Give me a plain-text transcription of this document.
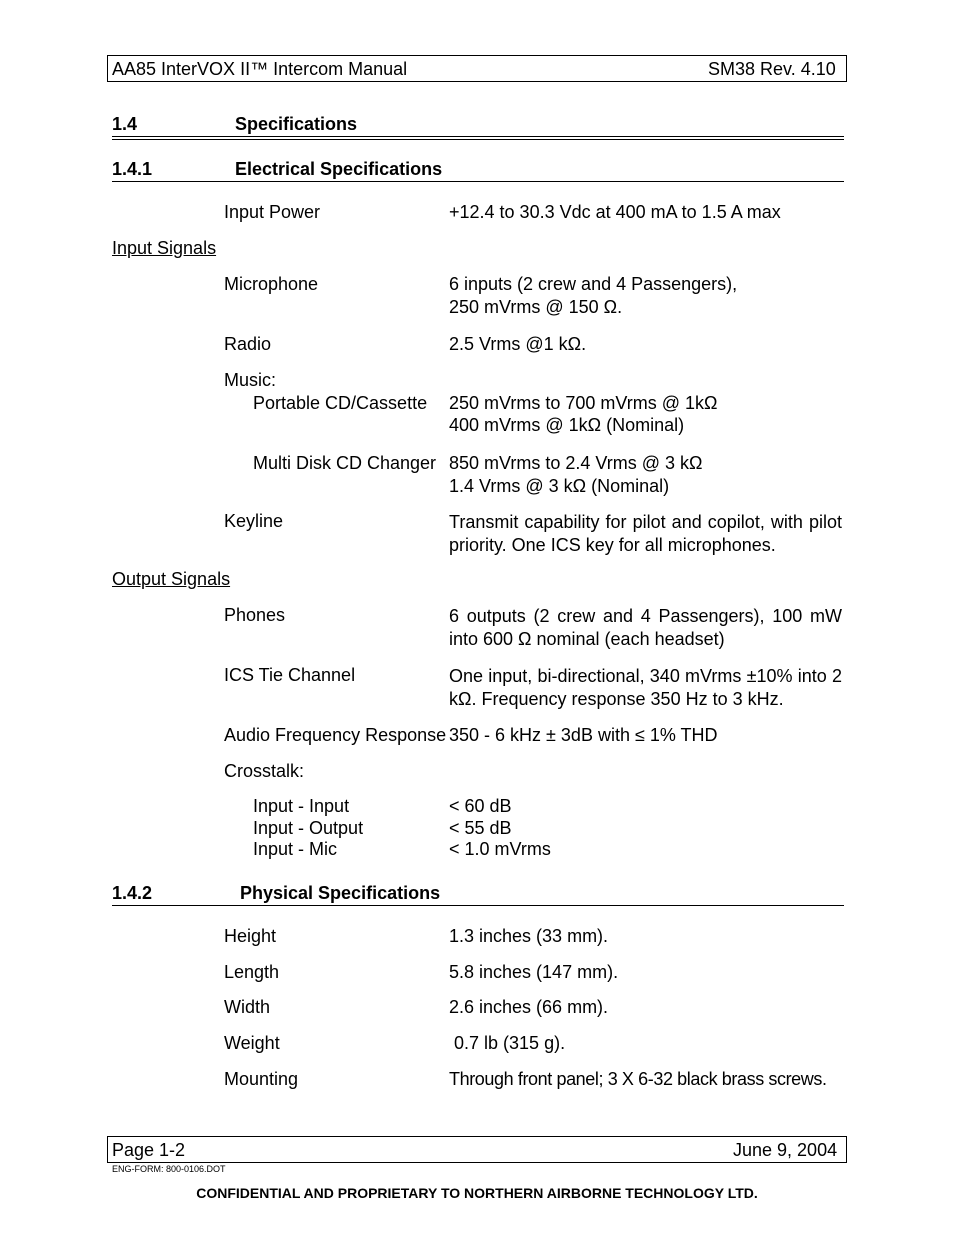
AA85 InterVOX II™ Intercom Manual	SM38 Rev. 4.10
1.4	Specifications
1.4.1	Electrical Specifications
Input Power	+12.4 to 30.3 Vdc at 400 mA to 1.5 A max
Input Signals
Microphone	6 inputs (2 crew and 4 Passengers),
250 mVrms @ 150 Ω.
Radio	2.5 Vrms @1 kΩ.
Music:
Portable CD/Cassette 250 mVrms to 700 mVrms @ 1kΩ
400 mVrms @ 1kΩ (Nominal)
Multi Disk CD Changer 850 mVrms to 2.4 Vrms @ 3 kΩ
1.4 Vrms @ 3 kΩ (Nominal)
Keyline	Transmit capability for pilot and copilot, with pilot priority. One ICS key for all microphones.
Output Signals
Phones	6 outputs (2 crew and 4 Passengers), 100 mW into 600 Ω nominal (each headset)
ICS Tie Channel	One input, bi-directional, 340 mVrms ±10% into 2 kΩ. Frequency response 350 Hz to 3 kHz.
Audio Frequency Response 350 - 6 kHz ± 3dB with ≤ 1% THD
Crosstalk:
Input - Input	< 60 dB
Input - Output	< 55 dB
Input - Mic	< 1.0 mVrms
1.4.2	Physical Specifications
Height	1.3 inches (33 mm).
Length	5.8 inches (147 mm).
Width	2.6 inches (66 mm).
Weight	0.7 lb (315 g).
Mounting	Through front panel; 3 X 6-32 black brass screws.
Page 1-2	June 9, 2004
ENG-FORM: 800-0106.DOT
CONFIDENTIAL AND PROPRIETARY TO NORTHERN AIRBORNE TECHNOLOGY LTD.
